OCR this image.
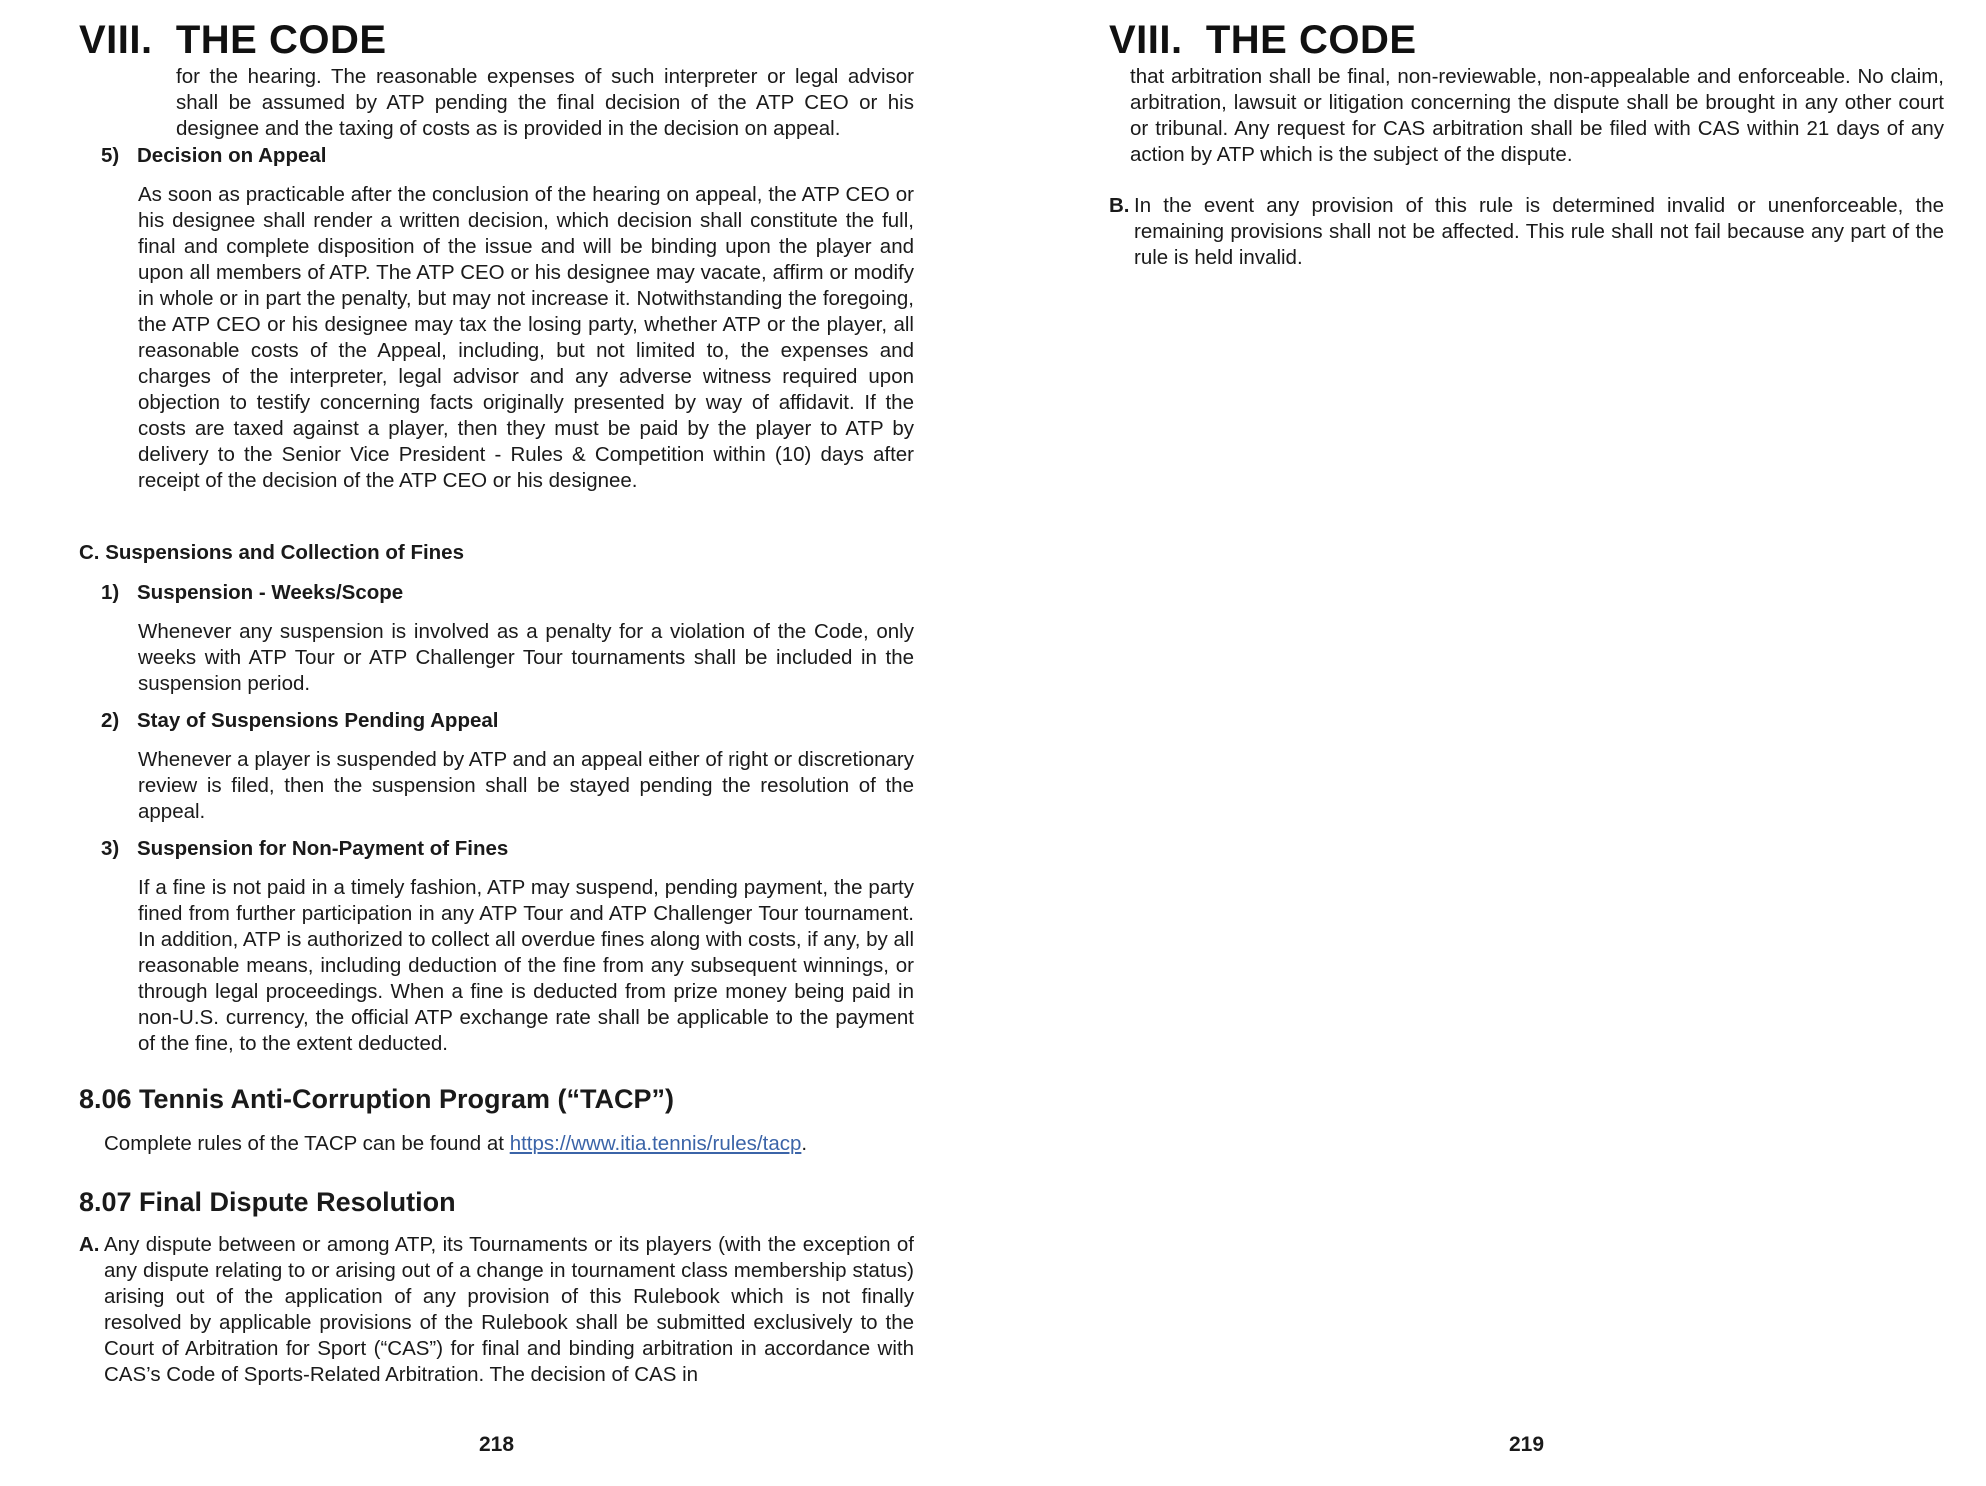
VIII.  THE CODE

for the hearing. The reasonable expenses of such interpreter or legal advisor shall be assumed by ATP pending the final decision of the ATP CEO or his designee and the taxing of costs as is provided in the decision on appeal.

5) Decision on Appeal

As soon as practicable after the conclusion of the hearing on appeal, the ATP CEO or his designee shall render a written decision, which decision shall constitute the full, final and complete disposition of the issue and will be binding upon the player and upon all members of ATP. The ATP CEO or his designee may vacate, affirm or modify in whole or in part the penalty, but may not increase it. Notwithstanding the foregoing, the ATP CEO or his designee may tax the losing party, whether ATP or the player, all reasonable costs of the Appeal, including, but not limited to, the expenses and charges of the interpreter, legal advisor and any adverse witness required upon objection to testify concerning facts originally presented by way of affidavit. If the costs are taxed against a player, then they must be paid by the player to ATP by delivery to the Senior Vice President - Rules & Competition within (10) days after receipt of the decision of the ATP CEO or his designee.

C. Suspensions and Collection of Fines
1) Suspension - Weeks/Scope

Whenever any suspension is involved as a penalty for a violation of the Code, only weeks with ATP Tour or ATP Challenger Tour tournaments shall be included in the suspension period.

2) Stay of Suspensions Pending Appeal

Whenever a player is suspended by ATP and an appeal either of right or discretionary review is filed, then the suspension shall be stayed pending the resolution of the appeal.

3) Suspension for Non-Payment of Fines

If a fine is not paid in a timely fashion, ATP may suspend, pending payment, the party fined from further participation in any ATP Tour and ATP Challenger Tour tournament. In addition, ATP is authorized to collect all overdue fines along with costs, if any, by all reasonable means, including deduction of the fine from any subsequent winnings, or through legal proceedings. When a fine is deducted from prize money being paid in non-U.S. currency, the official ATP exchange rate shall be applicable to the payment of the fine, to the extent deducted.

8.06 Tennis Anti-Corruption Program (“TACP”)
Complete rules of the TACP can be found at https://www.itia.tennis/rules/tacp.
8.07 Final Dispute Resolution
A. Any dispute between or among ATP, its Tournaments or its players (with the exception of any dispute relating to or arising out of a change in tournament class membership status) arising out of the application of any provision of this Rulebook which is not finally resolved by applicable provisions of the Rulebook shall be submitted exclusively to the Court of Arbitration for Sport (“CAS”) for final and binding arbitration in accordance with CAS’s Code of Sports-Related Arbitration. The decision of CAS in

218
VIII.  THE CODE

that arbitration shall be final, non-reviewable, non-appealable and enforceable. No claim, arbitration, lawsuit or litigation concerning the dispute shall be brought in any other court or tribunal. Any request for CAS arbitration shall be filed with CAS within 21 days of any action by ATP which is the subject of the dispute.

B. In the event any provision of this rule is determined invalid or unenforceable, the remaining provisions shall not be affected. This rule shall not fail because any part of the rule is held invalid.

219
